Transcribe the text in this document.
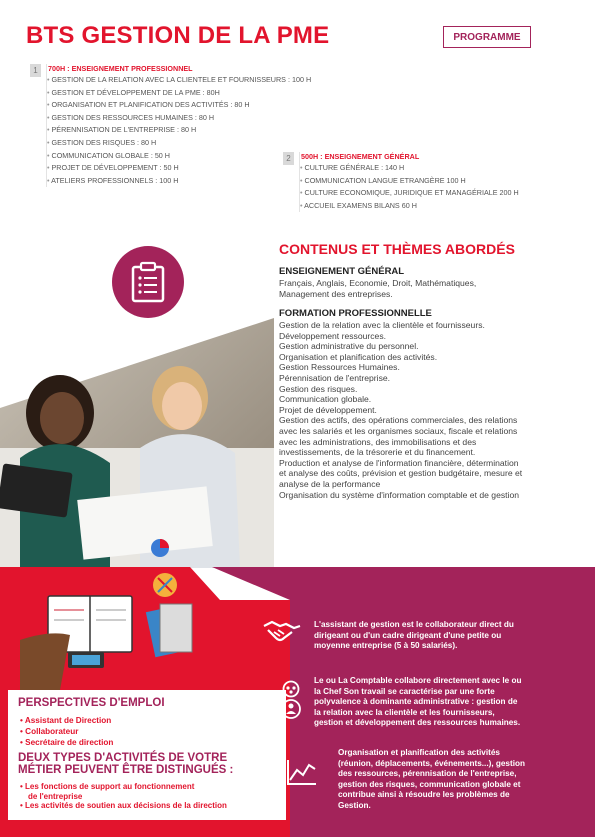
BTS GESTION DE LA PME	PROGRAMME
1	700H : ENSEIGNEMENT PROFESSIONNEL
• GESTION DE LA RELATION AVEC LA CLIENTELE ET FOURNISSEURS : 100 H
• GESTION ET DÉVELOPPEMENT DE LA PME : 80H
• ORGANISATION ET PLANIFICATION DES ACTIVITÉS : 80 H
• GESTION DES RESSOURCES HUMAINES : 80 H
• PÉRENNISATION DE L'ENTREPRISE : 80 H
• GESTION DES RISQUES : 80 H
• COMMUNICATION GLOBALE : 50 H
• PROJET DE DÉVELOPPEMENT : 50 H
• ATELIERS PROFESSIONNELS : 100 H
2	500H : ENSEIGNEMENT GÉNÉRAL
• CULTURE GÉNÉRALE : 140 H
• COMMUNICATION LANGUE ETRANGÈRE 100 H
• CULTURE ECONOMIQUE, JURIDIQUE ET MANAGÉRIALE 200 H
• ACCUEIL EXAMENS BILANS 60 H
CONTENUS ET THÈMES ABORDÉS
ENSEIGNEMENT GÉNÉRAL
Français, Anglais, Economie, Droit, Mathématiques,
Management des entreprises.
FORMATION PROFESSIONNELLE
Gestion de la relation avec la clientèle et fournisseurs.
Développement ressources.
Gestion administrative du personnel.
Organisation et planification des activités.
Gestion Ressources Humaines.
Pérennisation de l'entreprise.
Gestion des risques.
Communication globale.
Projet de développement.
Gestion des actifs, des opérations commerciales, des relations
avec les salariés et les organismes sociaux, fiscale et relations
avec les administrations, des immobilisations et des
investissements, de la trésorerie et du financement.
Production et analyse de l'information financière, détermination
et analyse des coûts, prévision et gestion budgétaire, mesure et
analyse de la performance
Organisation du système d'information comptable et de gestion
PERSPECTIVES D'EMPLOI
• Assistant de Direction
• Collaborateur
• Secrétaire de direction
DEUX TYPES D'ACTIVITÉS DE VOTRE
MÉTIER PEUVENT ÊTRE DISTINGUÉS :
• Les fonctions de support au fonctionnement
de l'entreprise
• Les activités de soutien aux décisions de la direction
L'assistant de gestion est le collaborateur direct du
dirigeant ou d'un cadre dirigeant d'une petite ou
moyenne entreprise (5 à 50 salariés).
Le ou La Comptable collabore directement avec le ou
la Chef Son travail se caractérise par une forte
polyvalence à dominante administrative : gestion de
la relation avec la clientèle et les fournisseurs,
gestion et développement des ressources humaines.
Organisation et planification des activités
(réunion, déplacements, événements...), gestion
des ressources, pérennisation de l'entreprise,
gestion des risques, communication globale et
contribue ainsi à résoudre les problèmes de
Gestion.
